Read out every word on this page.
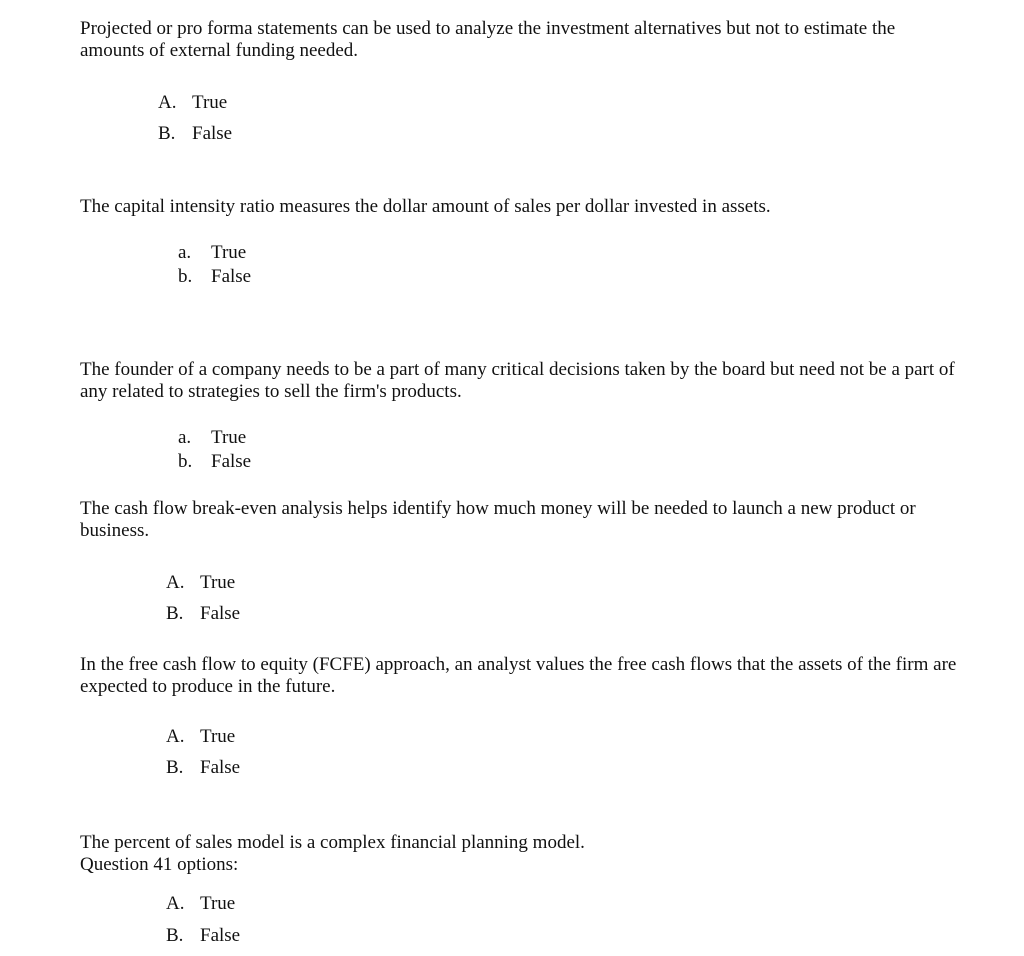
Projected or pro forma statements can be used to analyze the investment alternatives but not to estimate the amounts of external funding needed.

A. True
B. False

The capital intensity ratio measures the dollar amount of sales per dollar invested in assets.

a. True
b. False

The founder of a company needs to be a part of many critical decisions taken by the board but need not be a part of any related to strategies to sell the firm's products.

a. True
b. False

The cash flow break-even analysis helps identify how much money will be needed to launch a new product or business.

A. True
B. False

In the free cash flow to equity (FCFE) approach, an analyst values the free cash flows that the assets of the firm are expected to produce in the future.

A. True
B. False

The percent of sales model is a complex financial planning model.

Question 41 options:

A. True
B. False
